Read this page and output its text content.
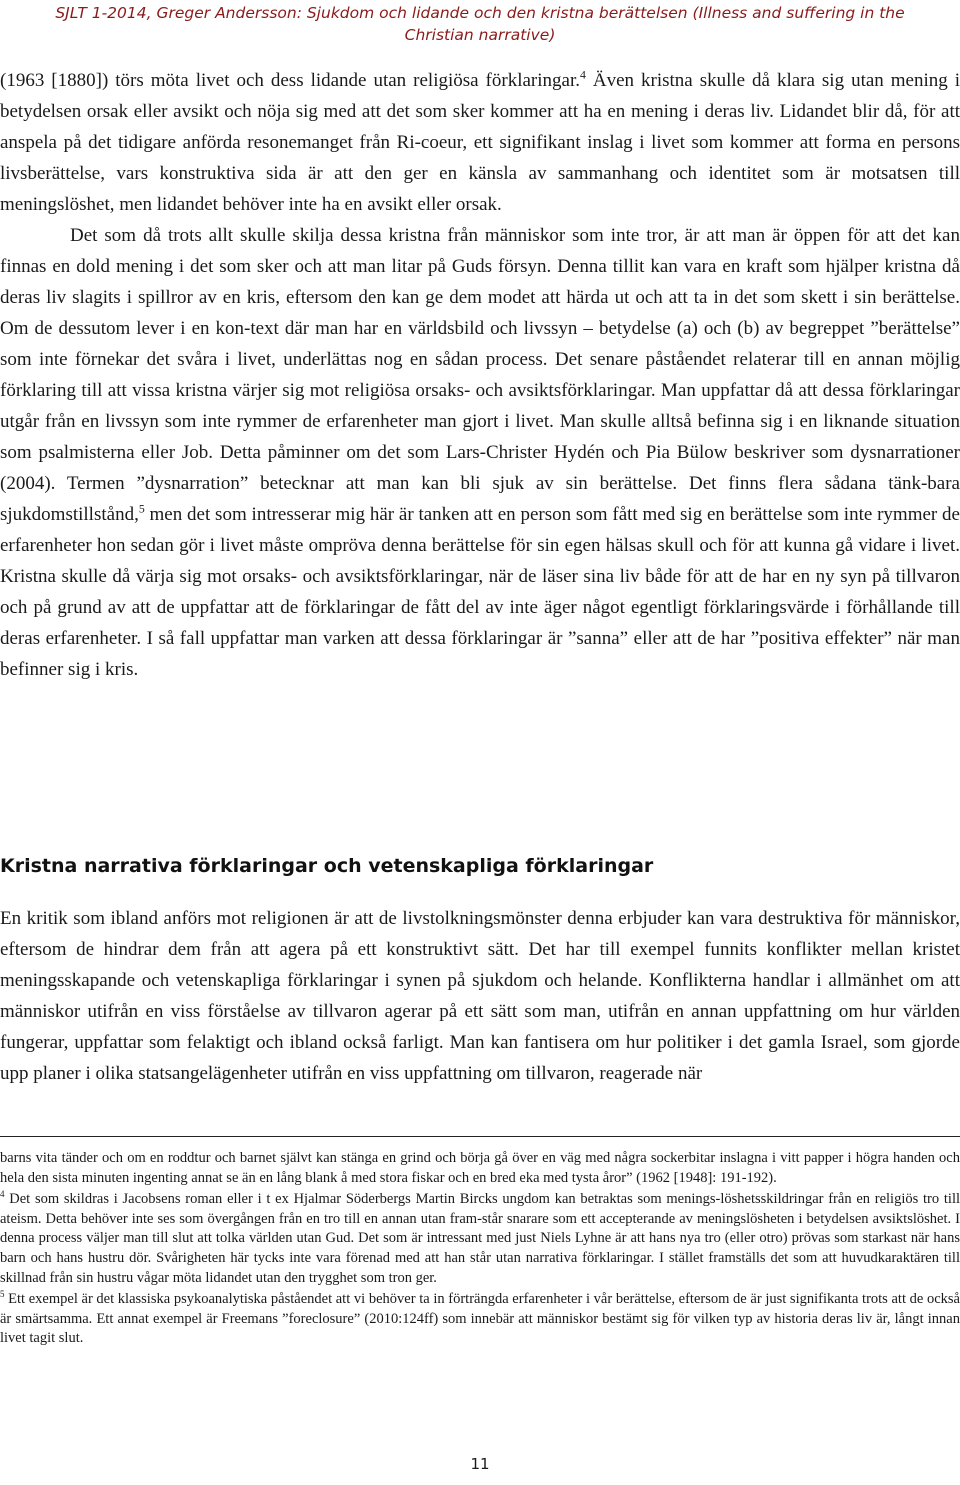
SJLT 1-2014, Greger Andersson: Sjukdom och lidande och den kristna berättelsen (Illness and suffering in the
Christian narrative)

(1963 [1880]) törs möta livet och dess lidande utan religiösa förklaringar.$^4$ Även kristna skulle då klara sig utan mening i betydelsen orsak eller avsikt och nöja sig med att det som sker kommer att ha en mening i deras liv. Lidandet blir då, för att anspela på det tidigare anförda resonemanget från Ri-coeur, ett signifikant inslag i livet som kommer att forma en persons livsberättelse, vars konstruktiva sida är att den ger en känsla av sammanhang och identitet som är motsatsen till meningslöshet, men lidandet behöver inte ha en avsikt eller orsak.

Det som då trots allt skulle skilja dessa kristna från människor som inte tror, är att man är öppen för att det kan finnas en dold mening i det som sker och att man litar på Guds försyn. Denna tillit kan vara en kraft som hjälper kristna då deras liv slagits i spillror av en kris, eftersom den kan ge dem modet att härda ut och att ta in det som skett i sin berättelse. Om de dessutom lever i en kon-text där man har en världsbild och livssyn – betydelse (a) och (b) av begreppet ”berättelse” som inte förnekar det svåra i livet, underlättas nog en sådan process. Det senare påståendet relaterar till en annan möjlig förklaring till att vissa kristna värjer sig mot religiösa orsaks- och avsiktsförklaringar. Man uppfattar då att dessa förklaringar utgår från en livssyn som inte rymmer de erfarenheter man gjort i livet. Man skulle alltså befinna sig i en liknande situation som psalmisterna eller Job. Detta påminner om det som Lars-Christer Hydén och Pia Bülow beskriver som dysnarrationer (2004). Termen ”dysnarration” betecknar att man kan bli sjuk av sin berättelse. Det finns flera sådana tänk-bara sjukdomstillstånd,$^5$ men det som intresserar mig här är tanken att en person som fått med sig en berättelse som inte rymmer de erfarenheter hon sedan gör i livet måste ompröva denna berättelse för sin egen hälsas skull och för att kunna gå vidare i livet. Kristna skulle då värja sig mot orsaks- och avsiktsförklaringar, när de läser sina liv både för att de har en ny syn på tillvaron och på grund av att de uppfattar att de förklaringar de fått del av inte äger något egentligt förklaringsvärde i förhållande till deras erfarenheter. I så fall uppfattar man varken att dessa förklaringar är ”sanna” eller att de har ”positiva effekter” när man befinner sig i kris.

Kristna narrativa förklaringar och vetenskapliga förklaringar

En kritik som ibland anförs mot religionen är att de livstolkningsmönster denna erbjuder kan vara destruktiva för människor, eftersom de hindrar dem från att agera på ett konstruktivt sätt. Det har till exempel funnits konflikter mellan kristet meningsskapande och vetenskapliga förklaringar i synen på sjukdom och helande. Konflikterna handlar i allmänhet om att människor utifrån en viss förståelse av tillvaron agerar på ett sätt som man, utifrån en annan uppfattning om hur världen fungerar, uppfattar som felaktigt och ibland också farligt. Man kan fantisera om hur politiker i det gamla Israel, som gjorde upp planer i olika statsangelägenheter utifrån en viss uppfattning om tillvaron, reagerade när

barns vita tänder och om en roddtur och barnet självt kan stänga en grind och börja gå över en väg med några sockerbitar inslagna i vitt papper i högra handen och hela den sista minuten ingenting annat se än en lång blank å med stora fiskar och en bred eka med tysta åror” (1962 [1948]: 191-192).

$^4$ Det som skildras i Jacobsens roman eller i t ex Hjalmar Söderbergs Martin Bircks ungdom kan betraktas som menings-löshetsskildringar från en religiös tro till ateism. Detta behöver inte ses som övergången från en tro till en annan utan fram-står snarare som ett accepterande av meningslösheten i betydelsen avsiktslöshet. I denna process väljer man till slut att tolka världen utan Gud. Det som är intressant med just Niels Lyhne är att hans nya tro (eller otro) prövas som starkast när hans barn och hans hustru dör. Svårigheten här tycks inte vara förenad med att han står utan narrativa förklaringar. I stället framställs det som att huvudkaraktären till skillnad från sin hustru vågar möta lidandet utan den trygghet som tron ger.

$^5$ Ett exempel är det klassiska psykoanalytiska påståendet att vi behöver ta in förträngda erfarenheter i vår berättelse, eftersom de är just signifikanta trots att de också är smärtsamma. Ett annat exempel är Freemans ”foreclosure” (2010:124ff) som innebär att människor bestämt sig för vilken typ av historia deras liv är, långt innan livet tagit slut.

11
